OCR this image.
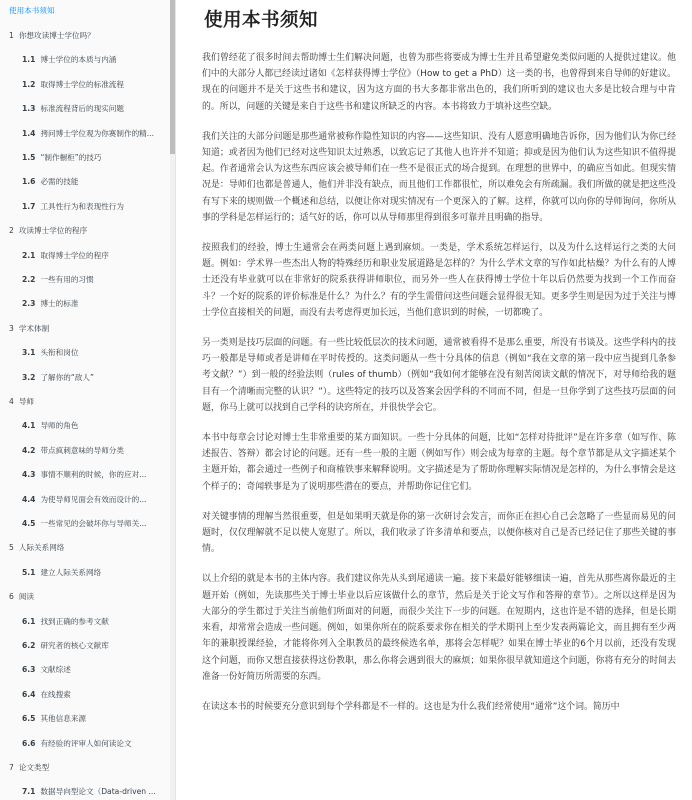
使用本书须知
1 你想攻读博士学位吗？
1.1 博士学位的本质与内涵
1.2 取得博士学位的标准流程
1.3 标准流程背后的现实问题
1.4 拷问博士学位观为你赛制作的精...
1.5 “制作橱柜”的技巧
1.6 必需的技能
1.7 工具性行为和表现性行为
2 攻读博士学位的程序
2.1 取得博士学位的程序
2.2 一些有用的习惯
2.3 博士的标准
3 学术体制
3.1 头衔和岗位
3.2 了解你的“敌人”
4 导师
4.1 导师的角色
4.2 带点疯刺意味的导师分类
4.3 事情不顺利的时候，你的应对...
4.4 为使导师见面会有效而设计的...
4.5 一些常见的会破坏你与导师关...
5 人际关系网络
5.1 建立人际关系网络
6 阅读
6.1 找到正确的参考文献
6.2 研究者的核心文献库
6.3 文献综述
6.4 在线搜索
6.5 其他信息来源
6.6 有经验的评审人如何读论文
7 论文类型
7.1 数据导向型论文（Data-driven ...
使用本书须知

我们曾经花了很多时间去帮助博士生们解决问题，也曾为那些将要成为博士生并且希望避免类似问题的人提供过建议。他们中的大部分人都已经读过诸如《怎样获得博士学位》（How to get a PhD）这一类的书，也曾得到来自导师的好建议。现在的问题并不是关于这些书和建议，因为这方面的书大多都非常出色的，我们所听到的建议也大多是比较合理与中肯的。所以，问题的关键是来自于这些书和建议所缺乏的内容。本书将致力于填补这些空缺。

我们关注的大部分问题是那些通常被称作隐性知识的内容——这些知识、没有人愿意明确地告诉你，因为他们认为你已经知道；或者因为他们已经对这些知识太过熟悉，以致忘记了其他人也许并不知道；抑或是因为他们认为这些知识不值得提起。作者通常会认为这些东西应该会被导师们在一些不是很正式的场合提到。在理想的世界中，的确应当如此。但现实情况是：导师们也都是普通人，他们并非没有缺点，而且他们工作都很忙，所以难免会有所疏漏。我们所做的就是把这些没有写下来的规则做一个概述和总结，以便让你对现实情况有一个更深入的了解。这样，你就可以向你的导师询问，你所从事的学科是怎样运行的；适气好的话，你可以从导师那里得到很多可靠并且明确的指导。

按照我们的经验，博士生通常会在两类问题上遇到麻烦。一类是，学术系统怎样运行，以及为什么这样运行之类的大问题。例如：学术界一些杰出人物的特殊经历和职业发展道路是怎样的？为什么学术文章的写作如此枯燥？为什么有的人博士还没有毕业就可以在非常好的院系获得讲师职位，而另外一些人在获得博士学位十年以后仍然要为找到一个工作而奋斗？一个好的院系的评价标准是什么？为什么？有的学生需借问这些问题会显得很无知。更多学生则是因为过于关注与博士学位直接相关的问题，而没有去考虑得更加长远，当他们意识到的时候，一切都晚了。

另一类则是技巧层面的问题。有一些比较低层次的技术问题，通常被看得不是那么重要，所没有书谈及。这些学科内的技巧一般都是导师或者是讲师在平时传授的。这类问题从一些十分具体的信息（例如“我在文章的第一段中应当提到几条参考文献？”）到一般的经验法则（rules of thumb）（例如“我如何才能够在没有刻苦阅读文献的情况下，对导师给我的题目有一个清晰而完整的认识？”）。这些特定的技巧以及答案会因学科的不同而不同，但是一旦你学到了这些技巧层面的问题，你马上就可以找到自己学科的诀窍所在，并很快学会它。

本书中每章会讨论对博士生非常重要的某方面知识。一些十分具体的问题，比如“怎样对待批评”是在许多章（如写作、陈述报告、答辩）都会讨论的问题。还有一些一般的主题（例如写作）则会成为每章的主题。每个章节都是从文字描述某个主题开始，都会通过一些例子和商榷铁事来解释说明。文字描述是为了帮助你理解实际情况是怎样的，为什么事情会是这个样子的；奇闻轶事是为了说明那些潜在的要点，并帮助你记住它们。

对关键事情的理解当然很重要，但是如果明天就是你的第一次研讨会发言，而你正在担心自己会忽略了一些显而易见的问题时，仅仅理解就不足以使人宽慰了。所以，我们收录了许多清单和要点，以便你核对自己是否已经记住了那些关键的事情。

以上介绍的就是本书的主体内容。我们建议你先从头到尾通读一遍。接下来最好能够细读一遍，首先从那些离你最近的主题开始（例如，先读那些关于博士毕业以后应该做什么的章节，然后是关于论文写作和答辩的章节）。之所以这样是因为大部分的学生都过于关注当前他们所面对的问题，而很少关注下一步的问题。在短期内，这也许是不错的选择，但是长期来看，却常常会造成一些问题。例如，如果你所在的院系要求你在相关的学术期刊上至少发表两篇论文，而且拥有至少两年的兼职授课经验，才能将你列入全职教员的最终候选名单，那将会怎样呢？如果在博士毕业的6个月以前，还没有发现这个问题，而你又想直接获得这份教职，那么你将会遇到很大的麻烦；如果你很早就知道这个问题，你将有充分的时间去准备一份好简历所需要的东西。

在读这本书的时候要充分意识到每个学科都是不一样的。这也是为什么我们经常使用“通常”这个词。简历中
